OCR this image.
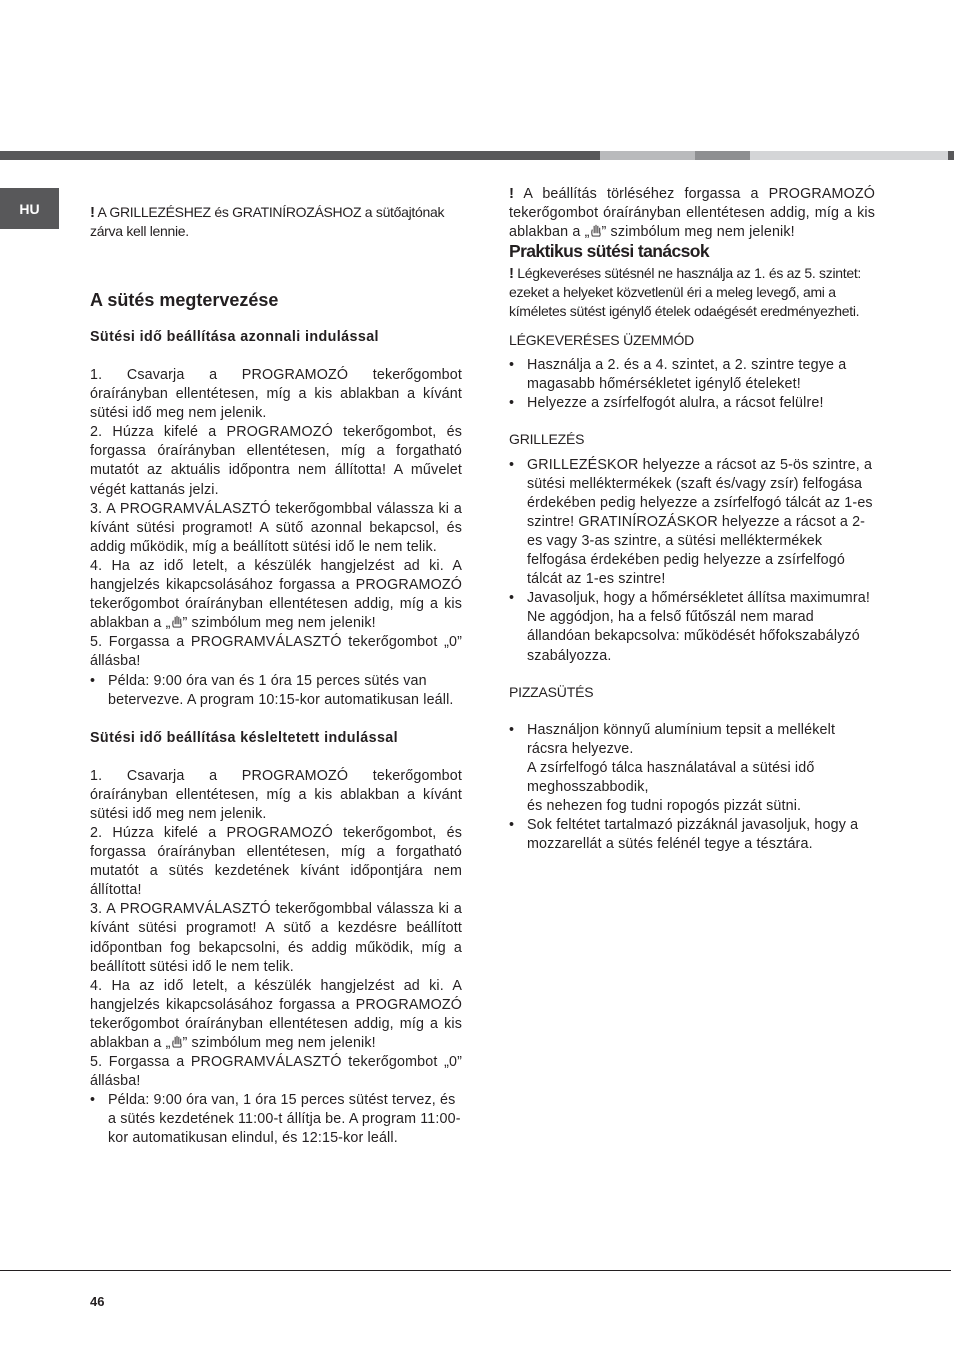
HU	! A GRILLEZÉSHEZ és GRATINÍROZÁSHOZ a sütőajtónak zárva kell lennie.

A sütés megtervezése

Sütési idő beállítása azonnali indulással

1. Csavarja a PROGRAMOZÓ tekerőgombot óraírányban ellentétesen, míg a kis ablakban a kívánt sütési idő meg nem jelenik.

2. Húzza kifelé a PROGRAMOZÓ tekerőgombot, és forgassa óraírányban ellentétesen, míg a forgatható mutatót az aktuális időpontra nem állította! A művelet végét kattanás jelzi.

3. A PROGRAMVÁLASZTÓ tekerőgombbal válassza ki a kívánt sütési programot! A sütő azonnal bekapcsol, és addig működik, míg a beállított sütési idő le nem telik.

4. Ha az idő letelt, a készülék hangjelzést ad ki. A hangjelzés kikapcsolásához forgassa a PROGRAMOZÓ tekerőgombot óraírányban ellentétesen addig, míg a kis ablakban a „ ” szimbólum meg nem jelenik!

5. Forgassa a PROGRAMVÁLASZTÓ tekerőgombot „0” állásba!

• Példa: 9:00 óra van és 1 óra 15 perces sütés van betervezve. A program 10:15-kor automatikusan leáll.

Sütési idő beállítása késleltetett indulással

1. Csavarja a PROGRAMOZÓ tekerőgombot óraírányban ellentétesen, míg a kis ablakban a kívánt sütési idő meg nem jelenik.

2. Húzza kifelé a PROGRAMOZÓ tekerőgombot, és forgassa óraírányban ellentétesen, míg a forgatható mutatót a sütés kezdetének kívánt időpontjára nem állította!

3. A PROGRAMVÁLASZTÓ tekerőgombbal válassza ki a kívánt sütési programot! A sütő a kezdésre beállított időpontban fog bekapcsolni, és addig működik, míg a beállított sütési idő le nem telik.

4. Ha az idő letelt, a készülék hangjelzést ad ki. A hangjelzés kikapcsolásához forgassa a PROGRAMOZÓ tekerőgombot óraírányban ellentétesen addig, míg a kis ablakban a „ ” szimbólum meg nem jelenik!

5. Forgassa a PROGRAMVÁLASZTÓ tekerőgombot „0” állásba!

• Példa: 9:00 óra van, 1 óra 15 perces sütést tervez, és a sütés kezdetének 11:00-t állítja be. A program 11:00-kor automatikusan elindul, és 12:15-kor leáll.

! A beállítás törléséhez forgassa a PROGRAMOZÓ tekerőgombot óraírányban ellentétesen addig, míg a kis ablakban a „ ” szimbólum meg nem jelenik!

Praktikus sütési tanácsok

! Légkeveréses sütésnél ne használja az 1. és az 5. szintet: ezeket a helyeket közvetlenül éri a meleg levegő, ami a kíméletes sütést igénylő ételek odaégését eredményezheti.

LÉGKEVERÉSES ÜZEMMÓD

• Használja a 2. és a 4. szintet, a 2. szintre tegye a magasabb hőmérsékletet igénylő ételeket!
• Helyezze a zsírfelfogót alulra, a rácsot felülre!

GRILLEZÉS

• GRILLEZÉSKOR helyezze a rácsot az 5-ös szintre, a sütési melléktermékek (szaft és/vagy zsír) felfogása érdekében pedig helyezze a zsírfelfogó tálcát az 1-es szintre! GRATINÍROZÁSKOR helyezze a rácsot a 2-es vagy 3-as szintre, a sütési melléktermékek felfogása érdekében pedig helyezze a zsírfelfogó tálcát az 1-es szintre!
• Javasoljuk, hogy a hőmérsékletet állítsa maximumra! Ne aggódjon, ha a felső fűtőszál nem marad állandóan bekapcsolva: működését hőfokszabályzó szabályozza.

PIZZASÜTÉS

• Használjon könnyű alumínium tepsit a mellékelt rácsra helyezve.
A zsírfelfogó tálca használatával a sütési idő meghosszabbodik,
és nehezen fog tudni ropogós pizzát sütni.
• Sok feltétet tartalmazó pizzáknál javasoljuk, hogy a mozzarellát a sütés felénél tegye a tésztára.
46
